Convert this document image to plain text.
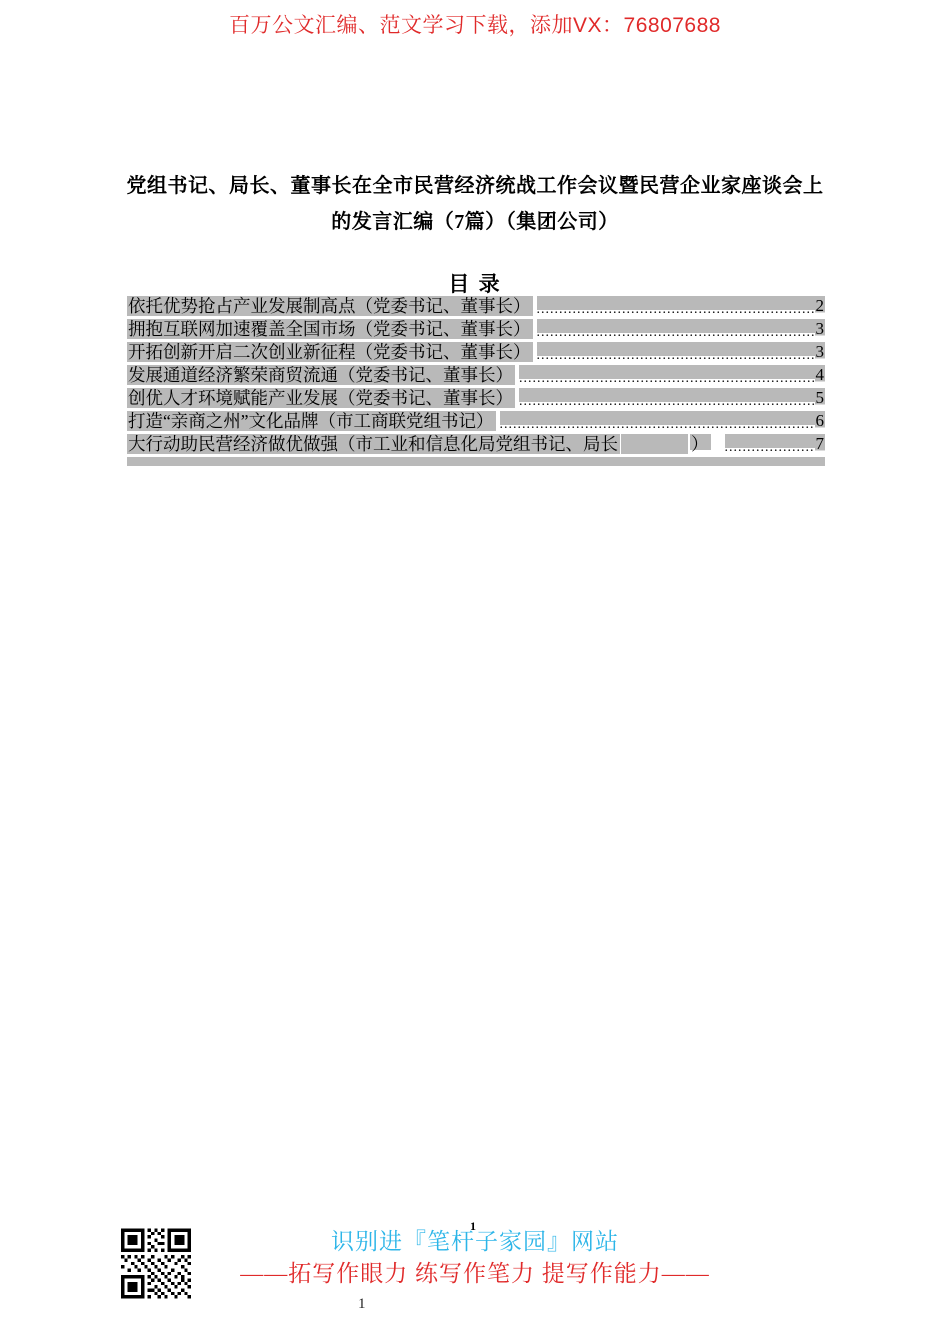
百万公文汇编、范文学习下载，添加VX：76807688
党组书记、局长、董事长在全市民营经济统战工作会议暨民营企业家座谈会上的发言汇编（7篇）（集团公司）
目 录
依托优势抢占产业发展制高点（党委书记、董事长） .....	2
拥抱互联网加速覆盖全国市场（党委书记、董事长） .....	3
开拓创新开启二次创业新征程（党委书记、董事长） .....	3
发展通道经济繁荣商贸流通（党委书记、董事长） .....	4
创优人才环境赋能产业发展（党委书记、董事长） .....	5
打造“亲商之州”文化品牌（市工商联党组书记） .....	6
大行动助民营经济做优做强（市工业和信息化局党组书记、局长	） .....	7
1
识别进『笔杆子家园』网站
——拓写作眼力 练写作笔力 提写作能力——
1
